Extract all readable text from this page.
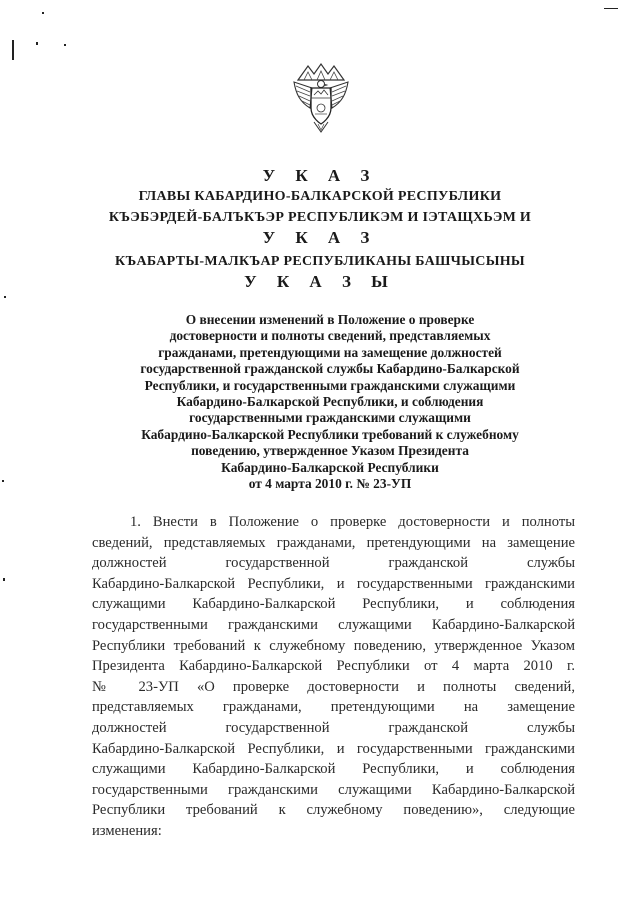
У К А З
ГЛАВЫ КАБАРДИНО-БАЛКАРСКОЙ РЕСПУБЛИКИ
КЪЭБЭРДЕЙ-БАЛЪКЪЭР РЕСПУБЛИКЭМ И ІЭТАЩХЬЭМ И
У К А З
КЪАБАРТЫ-МАЛКЪАР РЕСПУБЛИКАНЫ БАШЧЫСЫНЫ
У К А З Ы
О внесении изменений в Положение о проверке
достоверности и полноты сведений, представляемых
гражданами, претендующими на замещение должностей
государственной гражданской службы Кабардино-Балкарской
Республики, и государственными гражданскими служащими
Кабардино-Балкарской Республики, и соблюдения
государственными гражданскими служащими
Кабардино-Балкарской Республики требований к служебному
поведению, утвержденное Указом Президента
Кабардино-Балкарской Республики
от 4 марта 2010 г. № 23-УП
1. Внести в Положение о проверке достоверности и полноты
сведений, представляемых гражданами, претендующими на замещение
должностей государственной гражданской службы
Кабардино-Балкарской Республики, и государственными гражданскими
служащими Кабардино-Балкарской Республики, и соблюдения
государственными гражданскими служащими Кабардино-Балкарской
Республики требований к служебному поведению, утвержденное Указом
Президента Кабардино-Балкарской Республики от 4 марта 2010 г.
№ 23-УП «О проверке достоверности и полноты сведений,
представляемых гражданами, претендующими на замещение
должностей государственной гражданской службы
Кабардино-Балкарской Республики, и государственными гражданскими
служащими Кабардино-Балкарской Республики, и соблюдения
государственными гражданскими служащими Кабардино-Балкарской
Республики требований к служебному поведению», следующие
изменения:
